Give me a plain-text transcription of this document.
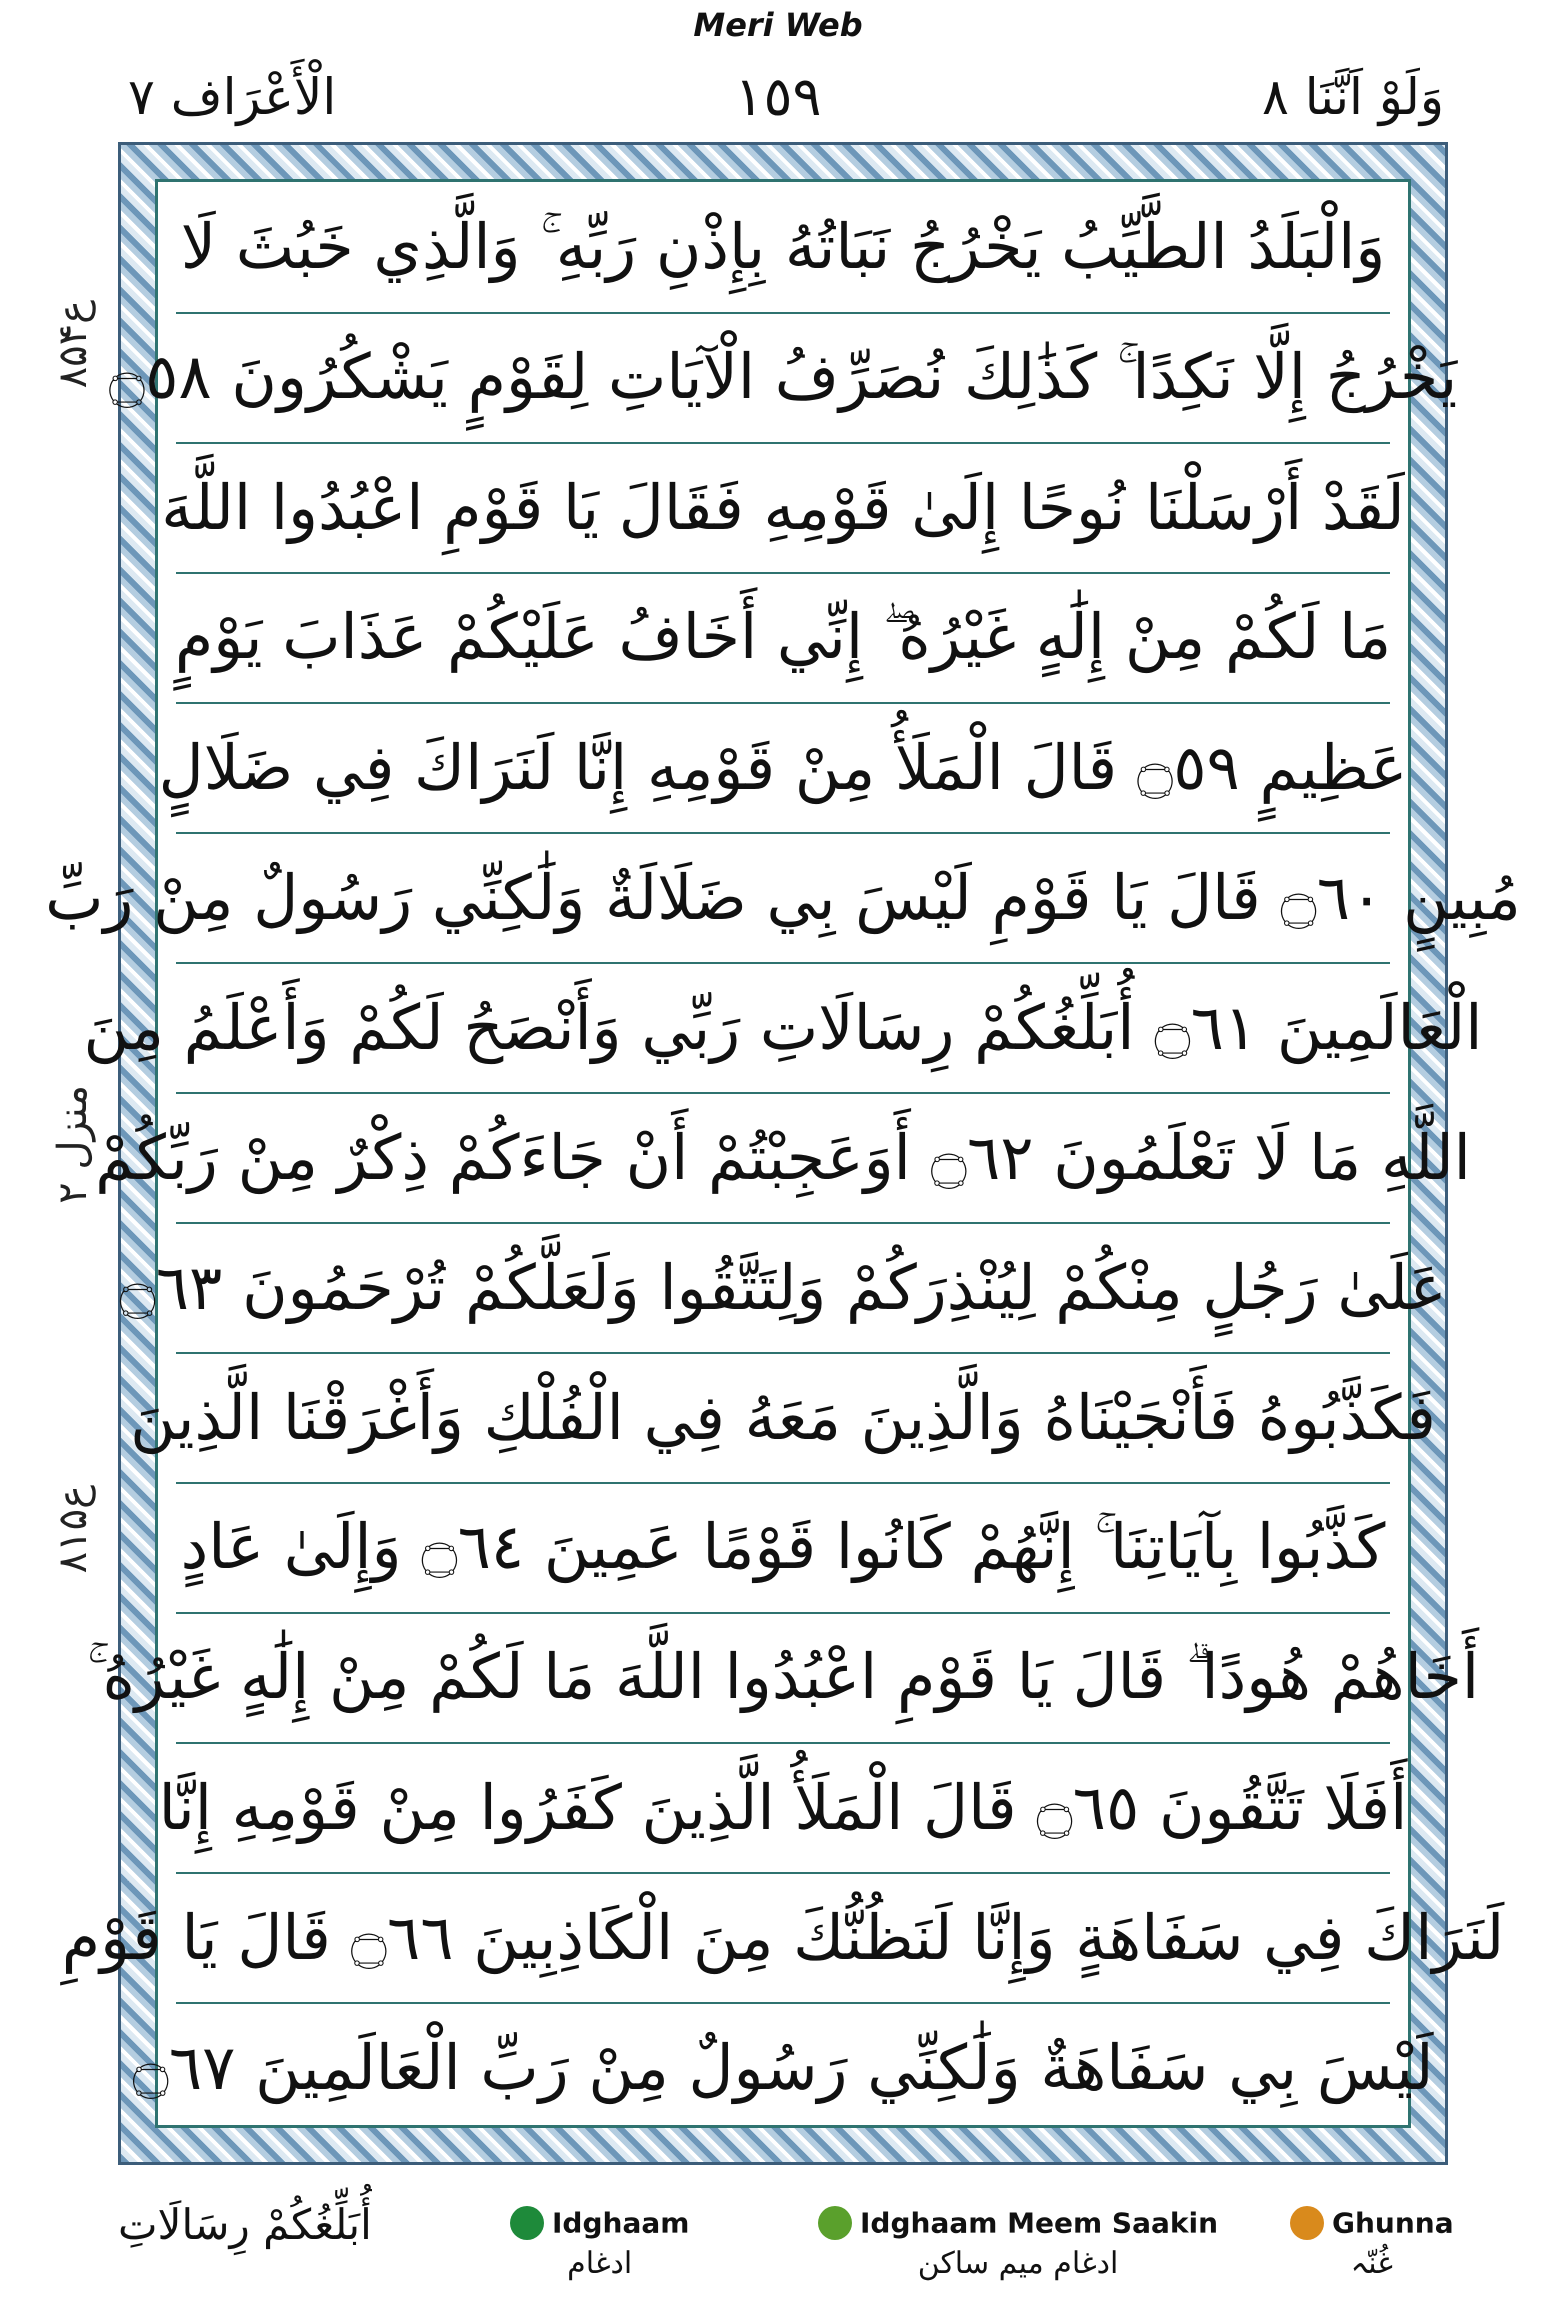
Meri Web
الْأَعْرَاف ۷	١٥٩	وَلَوْ اَنَّنَا ۸
۸ع۵۴
منزل ۲
۸ع۱۵
وَالْبَلَدُ الطَّيِّبُ يَخْرُجُ نَبَاتُهُ بِإِذْنِ رَبِّهِ ۚ وَالَّذِي خَبُثَ لَا
يَخْرُجُ إِلَّا نَكِدًا ۚ كَذَٰلِكَ نُصَرِّفُ الْآيَاتِ لِقَوْمٍ يَشْكُرُونَ ۝٥٨
لَقَدْ أَرْسَلْنَا نُوحًا إِلَىٰ قَوْمِهِ فَقَالَ يَا قَوْمِ اعْبُدُوا اللَّهَ
مَا لَكُمْ مِنْ إِلَٰهٍ غَيْرُهُ ۖ إِنِّي أَخَافُ عَلَيْكُمْ عَذَابَ يَوْمٍ
عَظِيمٍ ۝٥٩ قَالَ الْمَلَأُ مِنْ قَوْمِهِ إِنَّا لَنَرَاكَ فِي ضَلَالٍ
مُبِينٍ ۝٦٠ قَالَ يَا قَوْمِ لَيْسَ بِي ضَلَالَةٌ وَلَٰكِنِّي رَسُولٌ مِنْ رَبِّ
الْعَالَمِينَ ۝٦١ أُبَلِّغُكُمْ رِسَالَاتِ رَبِّي وَأَنْصَحُ لَكُمْ وَأَعْلَمُ مِنَ
اللَّهِ مَا لَا تَعْلَمُونَ ۝٦٢ أَوَعَجِبْتُمْ أَنْ جَاءَكُمْ ذِكْرٌ مِنْ رَبِّكُمْ
عَلَىٰ رَجُلٍ مِنْكُمْ لِيُنْذِرَكُمْ وَلِتَتَّقُوا وَلَعَلَّكُمْ تُرْحَمُونَ ۝٦٣
فَكَذَّبُوهُ فَأَنْجَيْنَاهُ وَالَّذِينَ مَعَهُ فِي الْفُلْكِ وَأَغْرَقْنَا الَّذِينَ
كَذَّبُوا بِآيَاتِنَا ۚ إِنَّهُمْ كَانُوا قَوْمًا عَمِينَ ۝٦٤ وَإِلَىٰ عَادٍ
أَخَاهُمْ هُودًا ۗ قَالَ يَا قَوْمِ اعْبُدُوا اللَّهَ مَا لَكُمْ مِنْ إِلَٰهٍ غَيْرُهُ ۚ
أَفَلَا تَتَّقُونَ ۝٦٥ قَالَ الْمَلَأُ الَّذِينَ كَفَرُوا مِنْ قَوْمِهِ إِنَّا
لَنَرَاكَ فِي سَفَاهَةٍ وَإِنَّا لَنَظُنُّكَ مِنَ الْكَاذِبِينَ ۝٦٦ قَالَ يَا قَوْمِ
لَيْسَ بِي سَفَاهَةٌ وَلَٰكِنِّي رَسُولٌ مِنْ رَبِّ الْعَالَمِينَ ۝٦٧
أُبَلِّغُكُمْ رِسَالَاتِ	Idghaam
ادغام
Idghaam Meem Saakin
ادغام میم ساکن
Ghunna
غُنّہ
